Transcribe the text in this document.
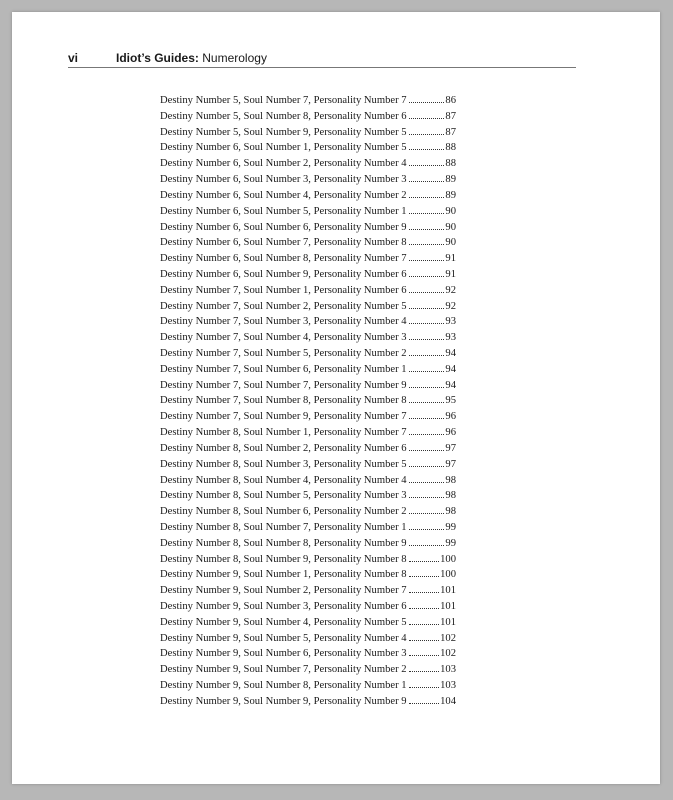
vi	Idiot’s Guides: Numerology
Destiny Number 5, Soul Number 7, Personality Number 7	86
Destiny Number 5, Soul Number 8, Personality Number 6	87
Destiny Number 5, Soul Number 9, Personality Number 5	87
Destiny Number 6, Soul Number 1, Personality Number 5	88
Destiny Number 6, Soul Number 2, Personality Number 4	88
Destiny Number 6, Soul Number 3, Personality Number 3	89
Destiny Number 6, Soul Number 4, Personality Number 2	89
Destiny Number 6, Soul Number 5, Personality Number 1	90
Destiny Number 6, Soul Number 6, Personality Number 9	90
Destiny Number 6, Soul Number 7, Personality Number 8	90
Destiny Number 6, Soul Number 8, Personality Number 7	91
Destiny Number 6, Soul Number 9, Personality Number 6	91
Destiny Number 7, Soul Number 1, Personality Number 6	92
Destiny Number 7, Soul Number 2, Personality Number 5	92
Destiny Number 7, Soul Number 3, Personality Number 4	93
Destiny Number 7, Soul Number 4, Personality Number 3	93
Destiny Number 7, Soul Number 5, Personality Number 2	94
Destiny Number 7, Soul Number 6, Personality Number 1	94
Destiny Number 7, Soul Number 7, Personality Number 9	94
Destiny Number 7, Soul Number 8, Personality Number 8	95
Destiny Number 7, Soul Number 9, Personality Number 7	96
Destiny Number 8, Soul Number 1, Personality Number 7	96
Destiny Number 8, Soul Number 2, Personality Number 6	97
Destiny Number 8, Soul Number 3, Personality Number 5	97
Destiny Number 8, Soul Number 4, Personality Number 4	98
Destiny Number 8, Soul Number 5, Personality Number 3	98
Destiny Number 8, Soul Number 6, Personality Number 2	98
Destiny Number 8, Soul Number 7, Personality Number 1	99
Destiny Number 8, Soul Number 8, Personality Number 9	99
Destiny Number 8, Soul Number 9, Personality Number 8	100
Destiny Number 9, Soul Number 1, Personality Number 8	100
Destiny Number 9, Soul Number 2, Personality Number 7	101
Destiny Number 9, Soul Number 3, Personality Number 6	101
Destiny Number 9, Soul Number 4, Personality Number 5	101
Destiny Number 9, Soul Number 5, Personality Number 4	102
Destiny Number 9, Soul Number 6, Personality Number 3	102
Destiny Number 9, Soul Number 7, Personality Number 2	103
Destiny Number 9, Soul Number 8, Personality Number 1	103
Destiny Number 9, Soul Number 9, Personality Number 9	104
